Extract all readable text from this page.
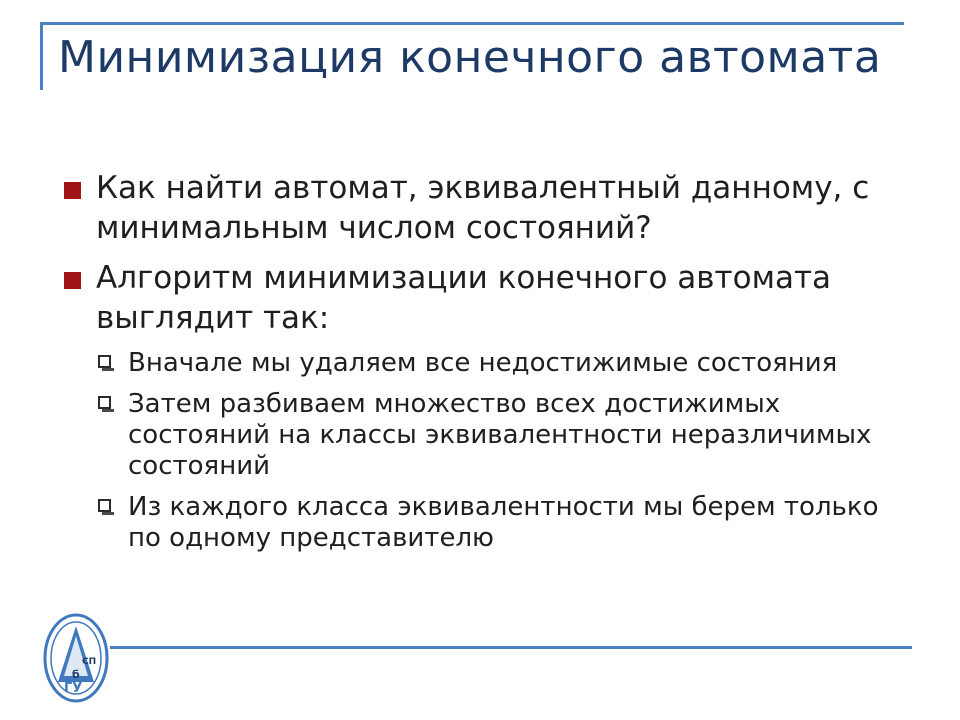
Минимизация конечного автомата
Как найти автомат, эквивалентный данному, с минимальным числом состояний?
Алгоритм минимизации конечного автомата выглядит так:
Вначале мы удаляем все недостижимые состояния
Затем разбиваем множество всех достижимых состояний на классы эквивалентности неразличимых состояний
Из каждого класса эквивалентности мы берем только по одному представителю
СП
б
ГУ
